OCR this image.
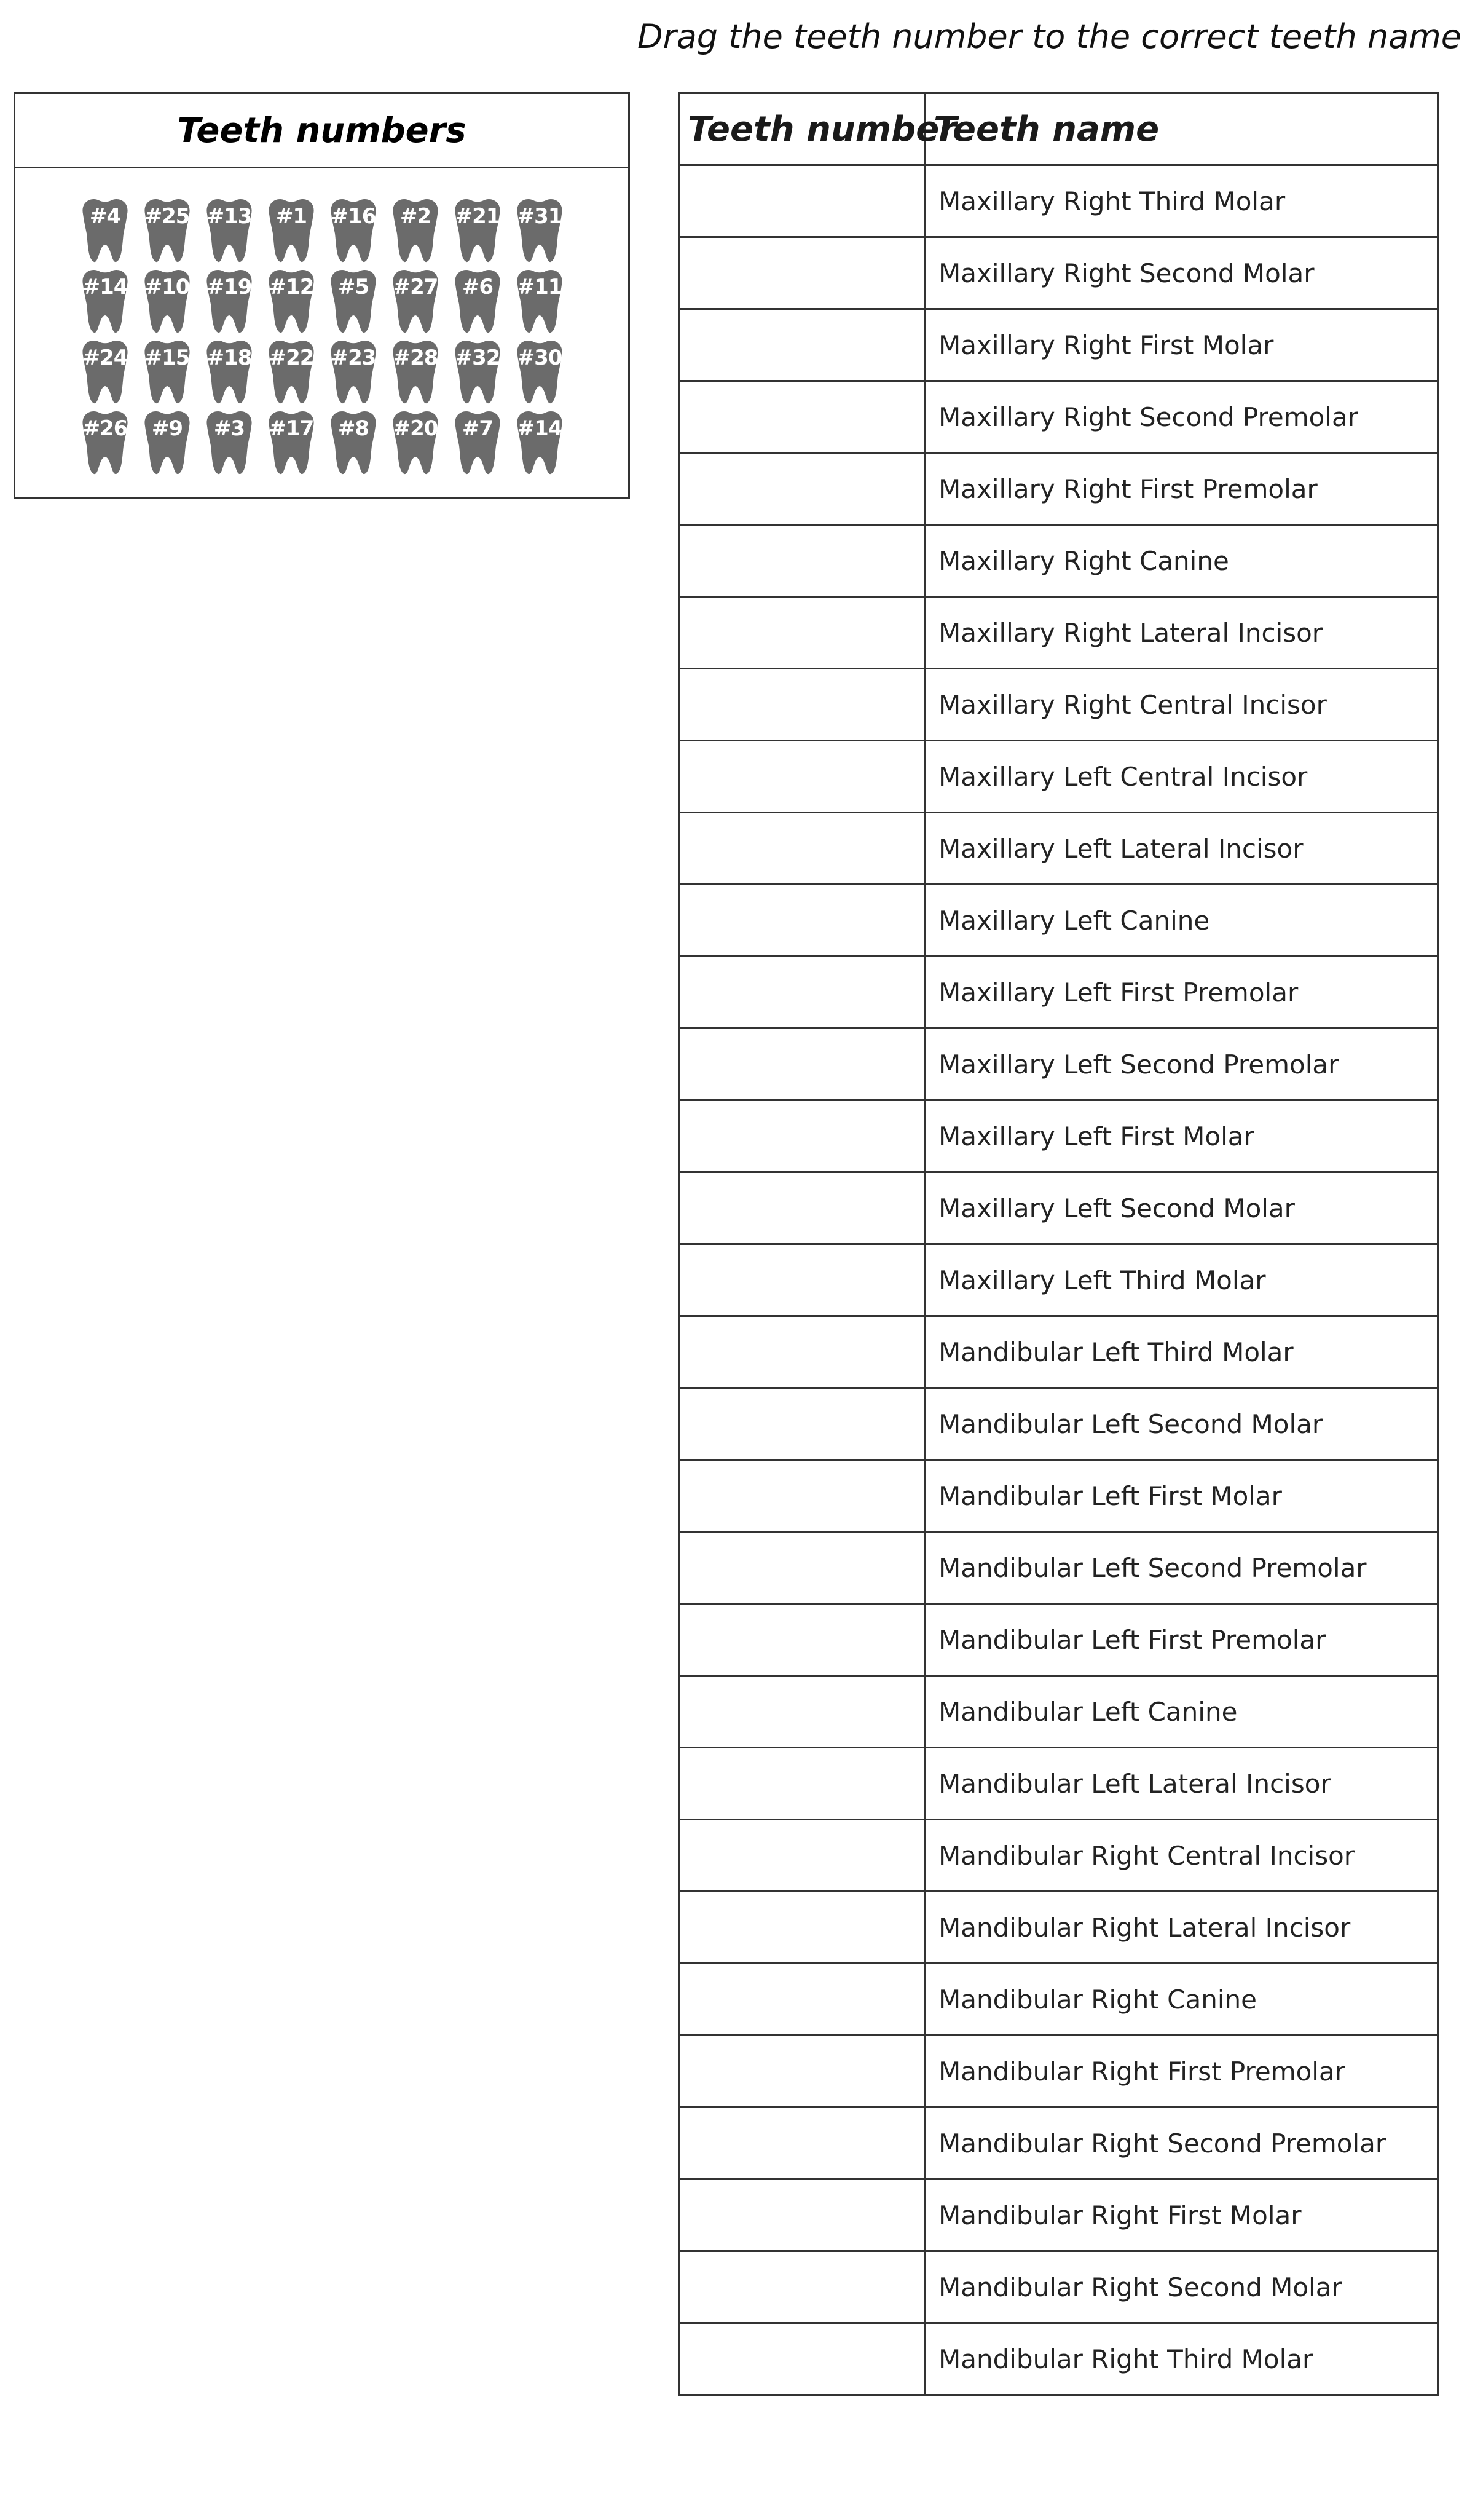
Drag the teeth number to the correct teeth name
Teeth numbers
#4	#25 #13	#1	#16	#2	#21 #31
#14 #10 #19 #12	#5	#27	#6	#11
#24 #15 #18 #22 #23 #28 #32 #30
#26	#9	#3	#17	#8	#20	#7	#14
Teeth number	Teeth name
	Maxillary Right Third Molar
	Maxillary Right Second Molar
	Maxillary Right First Molar
	Maxillary Right Second Premolar
	Maxillary Right First Premolar
	Maxillary Right Canine
	Maxillary Right Lateral Incisor
	Maxillary Right Central Incisor
	Maxillary Left Central Incisor
	Maxillary Left Lateral Incisor
	Maxillary Left Canine
	Maxillary Left First Premolar
	Maxillary Left Second Premolar
	Maxillary Left First Molar
	Maxillary Left Second Molar
	Maxillary Left Third Molar
	Mandibular Left Third Molar
	Mandibular Left Second Molar
	Mandibular Left First Molar
	Mandibular Left Second Premolar
	Mandibular Left First Premolar
	Mandibular Left Canine
	Mandibular Left Lateral Incisor
	Mandibular Right Central Incisor
	Mandibular Right Lateral Incisor
	Mandibular Right Canine
	Mandibular Right First Premolar
	Mandibular Right Second Premolar
	Mandibular Right First Molar
	Mandibular Right Second Molar
	Mandibular Right Third Molar
